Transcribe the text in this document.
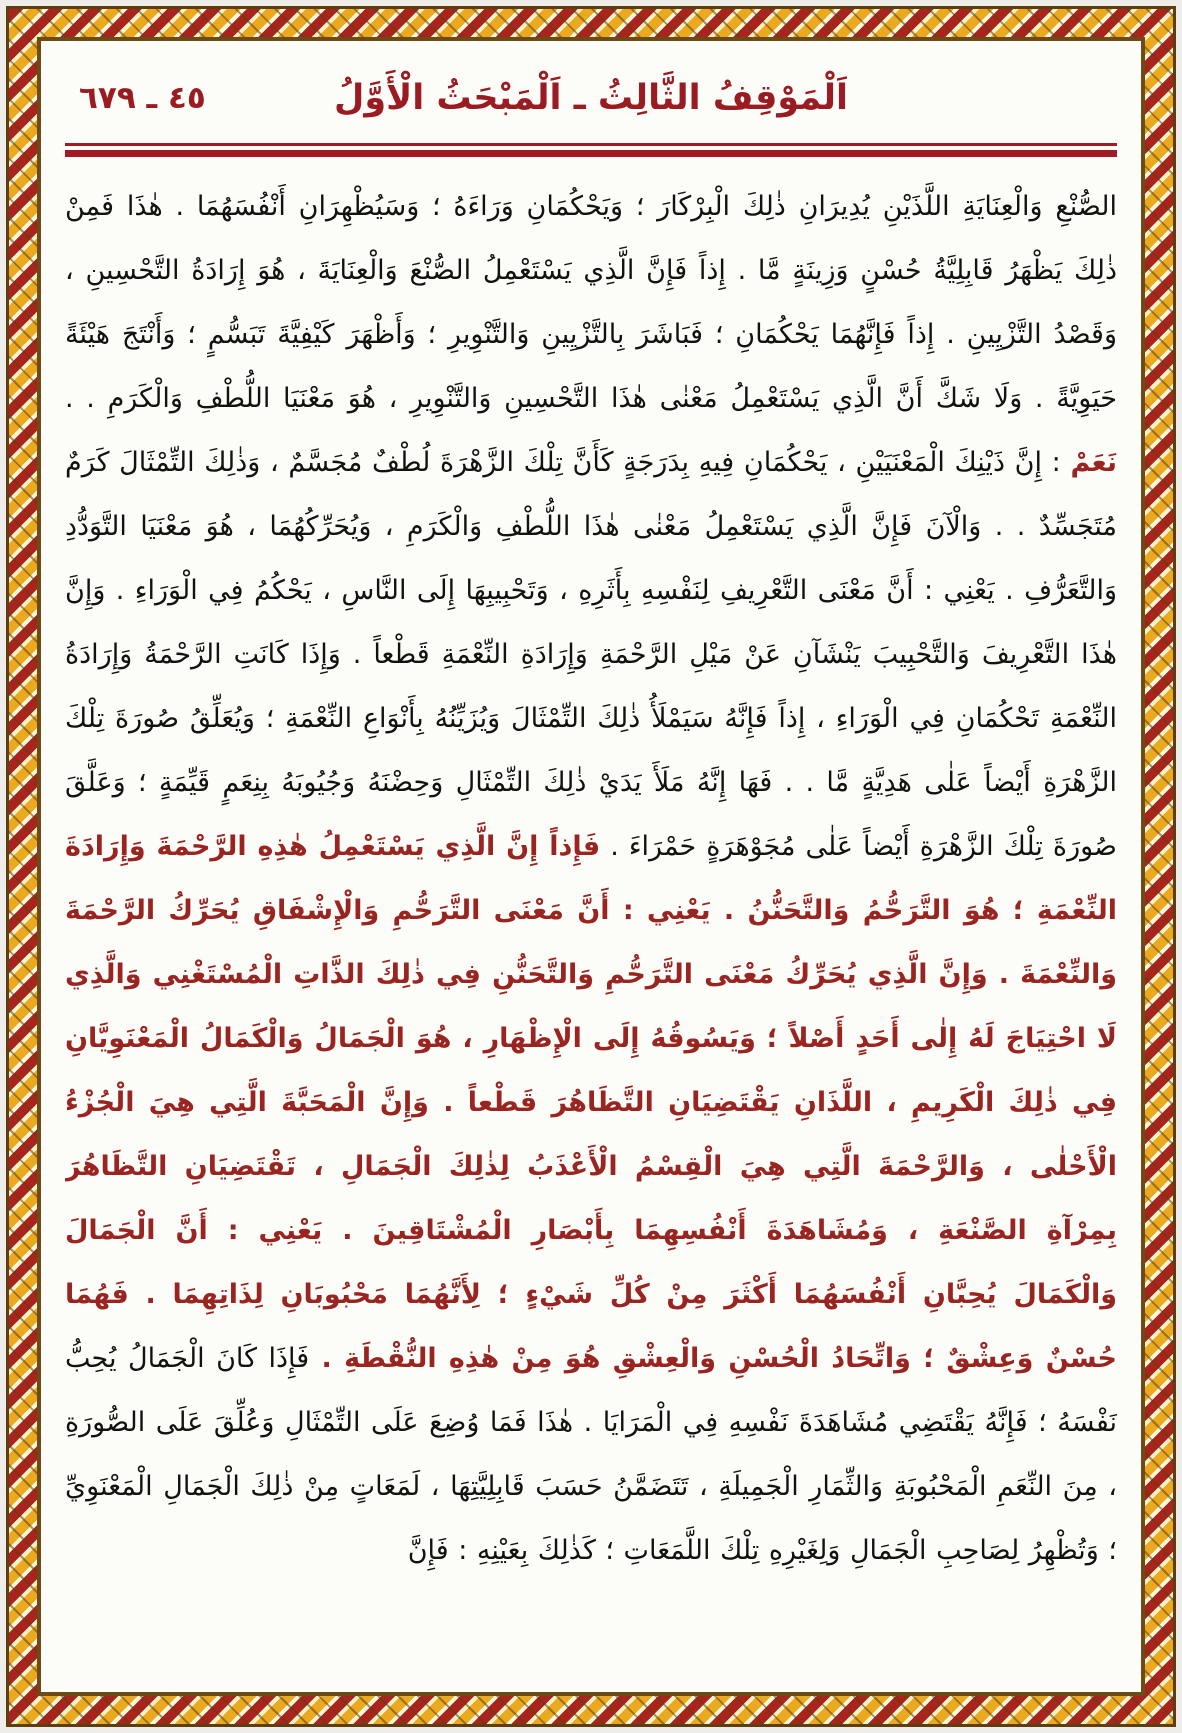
٤٥ ـ ٦٧٩	اَلْمَوْقِفُ الثَّالِثُ ـ اَلْمَبْحَثُ الْأَوَّلُ
الصُّنْعِ وَالْعِنَايَةِ اللَّذَيْنِ يُدِيرَانِ ذٰلِكَ الْبِرْكَارَ ؛ وَيَحْكُمَانِ وَرَاءَهُ ؛ وَسَيُظْهِرَانِ أَنْفُسَهُمَا . هٰذَا فَمِنْ ذٰلِكَ يَظْهَرُ قَابِلِيَّةُ حُسْنٍ وَزِينَةٍ مَّا . إِذاً فَإِنَّ الَّذِي يَسْتَعْمِلُ الصُّنْعَ وَالْعِنَايَةَ ، هُوَ إِرَادَةُ التَّحْسِينِ ، وَقَصْدُ التَّزْيِينِ . إِذاً فَإِنَّهُمَا يَحْكُمَانِ ؛ فَبَاشَرَ بِالتَّزْيِينِ وَالتَّنْوِيرِ ؛ وَأَظْهَرَ كَيْفِيَّةَ تَبَسُّمٍ ؛ وَأَنْتَجَ هَيْئَةً حَيَوِيَّةً . وَلَا شَكَّ أَنَّ الَّذِي يَسْتَعْمِلُ مَعْنٰى هٰذَا التَّحْسِينِ وَالتَّنْوِيرِ ، هُوَ مَعْنَيَا اللُّطْفِ وَالْكَرَمِ . . نَعَمْ : إِنَّ ذَيْنِكَ الْمَعْنَيَيْنِ ، يَحْكُمَانِ فِيهِ بِدَرَجَةٍ كَأَنَّ تِلْكَ الزَّهْرَةَ لُطْفٌ مُجَسَّمٌ ، وَذٰلِكَ التِّمْثَالَ كَرَمٌ مُتَجَسِّدٌ . . وَالْآنَ فَإِنَّ الَّذِي يَسْتَعْمِلُ مَعْنٰى هٰذَا اللُّطْفِ وَالْكَرَمِ ، وَيُحَرِّكُهُمَا ، هُوَ مَعْنَيَا التَّوَدُّدِ وَالتَّعَرُّفِ . يَعْنِي : أَنَّ مَعْنَى التَّعْرِيفِ لِنَفْسِهِ بِأَثَرِهِ ، وَتَحْبِيبِهَا إِلَى النَّاسِ ، يَحْكُمُ فِي الْوَرَاءِ . وَإِنَّ هٰذَا التَّعْرِيفَ وَالتَّحْبِيبَ يَنْشَآنِ عَنْ مَيْلِ الرَّحْمَةِ وَإِرَادَةِ النِّعْمَةِ قَطْعاً . وَإِذَا كَانَتِ الرَّحْمَةُ وَإِرَادَةُ النِّعْمَةِ تَحْكُمَانِ فِي الْوَرَاءِ ، إِذاً فَإِنَّهُ سَيَمْلَأُ ذٰلِكَ التِّمْثَالَ وَيُزَيِّنُهُ بِأَنْوَاعِ النِّعْمَةِ ؛ وَيُعَلِّقُ صُورَةَ تِلْكَ الزَّهْرَةِ أَيْضاً عَلٰى هَدِيَّةٍ مَّا . . فَهَا إِنَّهُ مَلَأَ يَدَيْ ذٰلِكَ التِّمْثَالِ وَحِضْنَهُ وَجُيُوبَهُ بِنِعَمٍ قَيِّمَةٍ ؛ وَعَلَّقَ صُورَةَ تِلْكَ الزَّهْرَةِ أَيْضاً عَلٰى مُجَوْهَرَةٍ حَمْرَاءَ . فَإِذاً إِنَّ الَّذِي يَسْتَعْمِلُ هٰذِهِ الرَّحْمَةَ وَإِرَادَةَ النِّعْمَةِ ؛ هُوَ التَّرَحُّمُ وَالتَّحَنُّنُ . يَعْنِي : أَنَّ مَعْنَى التَّرَحُّمِ وَالْإِشْفَاقِ يُحَرِّكُ الرَّحْمَةَ وَالنِّعْمَةَ . وَإِنَّ الَّذِي يُحَرِّكُ مَعْنَى التَّرَحُّمِ وَالتَّحَنُّنِ فِي ذٰلِكَ الذَّاتِ الْمُسْتَغْنِي وَالَّذِي لَا احْتِيَاجَ لَهُ إِلٰى أَحَدٍ أَصْلاً ؛ وَيَسُوقُهُ إِلَى الْإِظْهَارِ ، هُوَ الْجَمَالُ وَالْكَمَالُ الْمَعْنَوِيَّانِ فِي ذٰلِكَ الْكَرِيمِ ، اللَّذَانِ يَقْتَضِيَانِ التَّظَاهُرَ قَطْعاً . وَإِنَّ الْمَحَبَّةَ الَّتِي هِيَ الْجُزْءُ الْأَحْلٰى ، وَالرَّحْمَةَ الَّتِي هِيَ الْقِسْمُ الْأَعْذَبُ لِذٰلِكَ الْجَمَالِ ، تَقْتَضِيَانِ التَّظَاهُرَ بِمِرْآةِ الصَّنْعَةِ ، وَمُشَاهَدَةَ أَنْفُسِهِمَا بِأَبْصَارِ الْمُشْتَاقِينَ . يَعْنِي : أَنَّ الْجَمَالَ وَالْكَمَالَ يُحِبَّانِ أَنْفُسَهُمَا أَكْثَرَ مِنْ كُلِّ شَيْءٍ ؛ لِأَنَّهُمَا مَحْبُوبَانِ لِذَاتِهِمَا . فَهُمَا حُسْنٌ وَعِشْقٌ ؛ وَاتِّحَادُ الْحُسْنِ وَالْعِشْقِ هُوَ مِنْ هٰذِهِ النُّقْطَةِ . فَإِذَا كَانَ الْجَمَالُ يُحِبُّ نَفْسَهُ ؛ فَإِنَّهُ يَقْتَضِي مُشَاهَدَةَ نَفْسِهِ فِي الْمَرَايَا . هٰذَا فَمَا وُضِعَ عَلَى التِّمْثَالِ وَعُلِّقَ عَلَى الصُّورَةِ ، مِنَ النِّعَمِ الْمَحْبُوبَةِ وَالثِّمَارِ الْجَمِيلَةِ ، تَتَضَمَّنُ حَسَبَ قَابِلِيَّتِهَا ، لَمَعَاتٍ مِنْ ذٰلِكَ الْجَمَالِ الْمَعْنَوِيِّ ؛ وَتُظْهِرُ لِصَاحِبِ الْجَمَالِ وَلِغَيْرِهِ تِلْكَ اللَّمَعَاتِ ؛ كَذٰلِكَ بِعَيْنِهِ : فَإِنَّ
